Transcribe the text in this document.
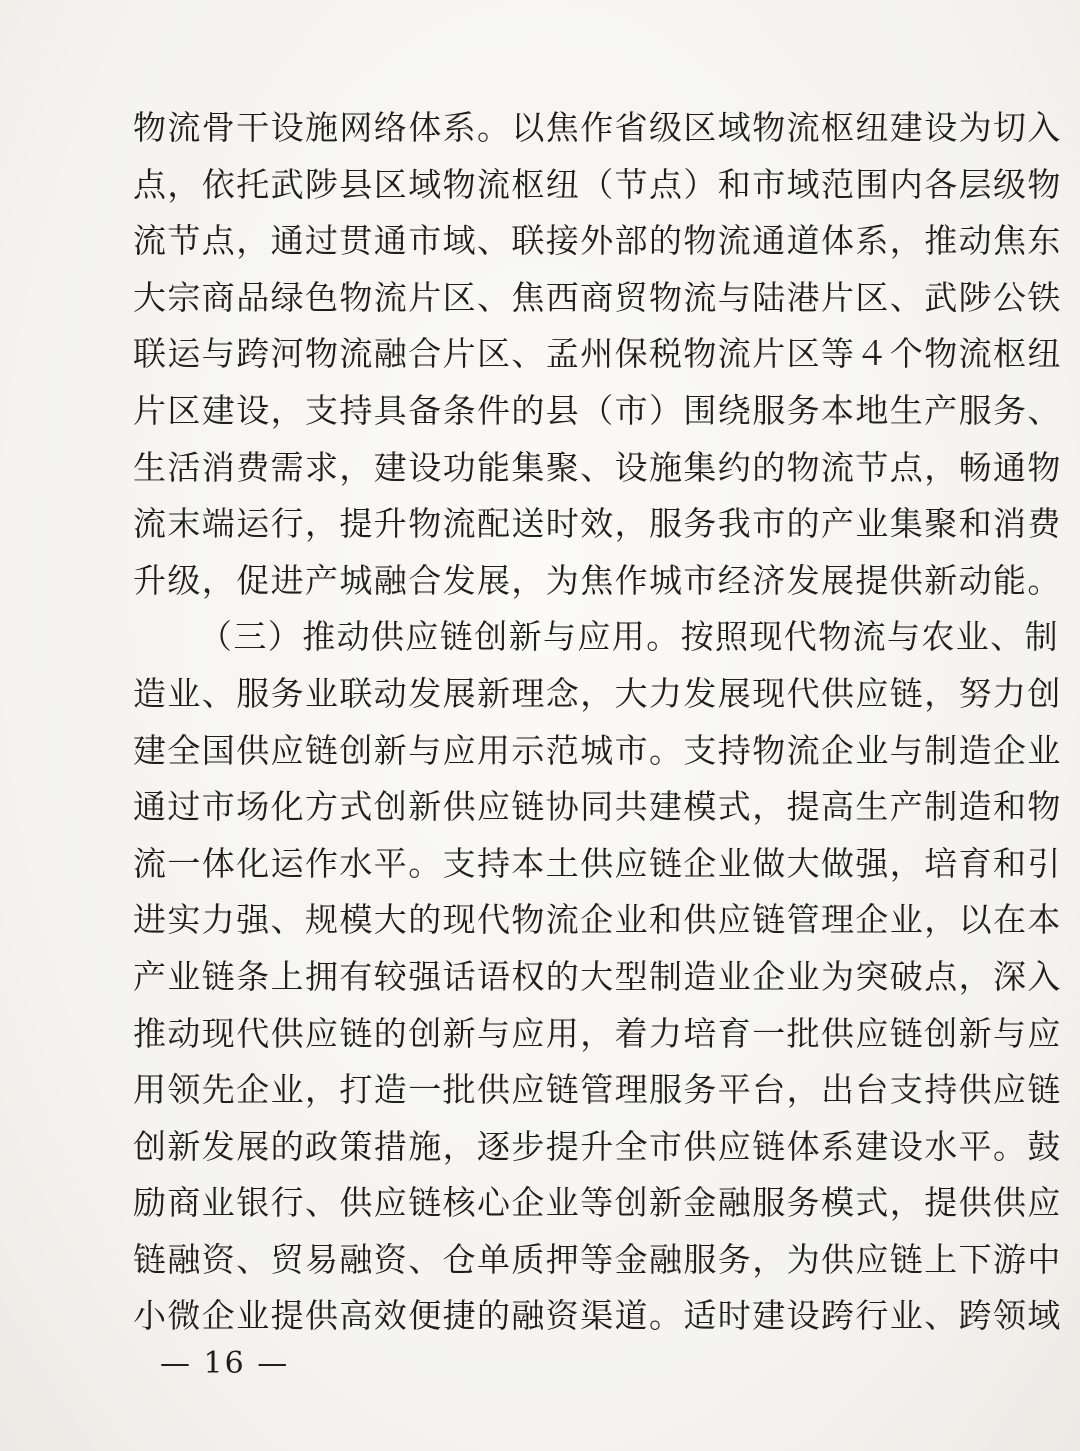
物流骨干设施网络体系。以焦作省级区域物流枢纽建设为切入
点，依托武陟县区域物流枢纽（节点）和市域范围内各层级物
流节点，通过贯通市域、联接外部的物流通道体系，推动焦东
大宗商品绿色物流片区、焦西商贸物流与陆港片区、武陟公铁
联运与跨河物流融合片区、孟州保税物流片区等４个物流枢纽
片区建设，支持具备条件的县（市）围绕服务本地生产服务、
生活消费需求，建设功能集聚、设施集约的物流节点，畅通物
流末端运行，提升物流配送时效，服务我市的产业集聚和消费
升级，促进产城融合发展，为焦作城市经济发展提供新动能。
（三）推动供应链创新与应用。按照现代物流与农业、制
造业、服务业联动发展新理念，大力发展现代供应链，努力创
建全国供应链创新与应用示范城市。支持物流企业与制造企业
通过市场化方式创新供应链协同共建模式，提高生产制造和物
流一体化运作水平。支持本土供应链企业做大做强，培育和引
进实力强、规模大的现代物流企业和供应链管理企业，以在本
产业链条上拥有较强话语权的大型制造业企业为突破点，深入
推动现代供应链的创新与应用，着力培育一批供应链创新与应
用领先企业，打造一批供应链管理服务平台，出台支持供应链
创新发展的政策措施，逐步提升全市供应链体系建设水平。鼓
励商业银行、供应链核心企业等创新金融服务模式，提供供应
链融资、贸易融资、仓单质押等金融服务，为供应链上下游中
小微企业提供高效便捷的融资渠道。适时建设跨行业、跨领域
— 16 —
